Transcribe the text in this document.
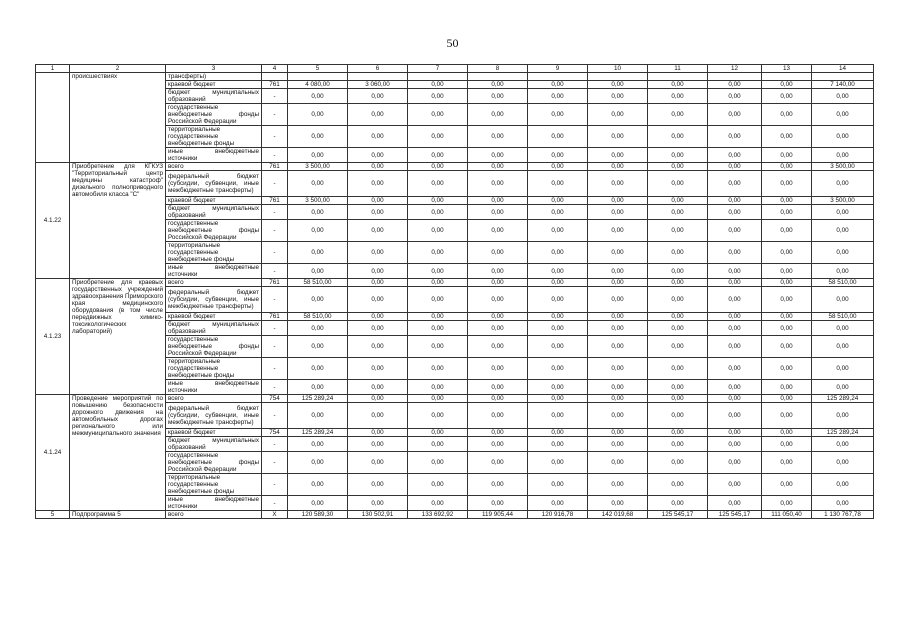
50
1	2	3	4	5	6	7	8	9	10	11	12	13	14
	происшествиях	трансферты)											
		краевой бюджет	761	4 080,00	3 060,00	0,00	0,00	0,00	0,00	0,00	0,00	0,00	7 140,00
		бюджет муниципальных образований	-	0,00	0,00	0,00	0,00	0,00	0,00	0,00	0,00	0,00	0,00
		государственные внебюджетные фонды Российской Федерации	-	0,00	0,00	0,00	0,00	0,00	0,00	0,00	0,00	0,00	0,00
		территориальные государственные внебюджетные фонды	-	0,00	0,00	0,00	0,00	0,00	0,00	0,00	0,00	0,00	0,00
		иные внебюджетные источники	-	0,00	0,00	0,00	0,00	0,00	0,00	0,00	0,00	0,00	0,00
4.1.22	Приобретение для КГКУЗ "Территориальный центр медицины катастроф" дизельного полноприводного автомобиля класса "С"	всего	761	3 500,00	0,00	0,00	0,00	0,00	0,00	0,00	0,00	0,00	3 500,00
		федеральный бюджет (субсидии, субвенции, иные межбюджетные трансферты)	-	0,00	0,00	0,00	0,00	0,00	0,00	0,00	0,00	0,00	0,00
		краевой бюджет	761	3 500,00	0,00	0,00	0,00	0,00	0,00	0,00	0,00	0,00	3 500,00
		бюджет муниципальных образований	-	0,00	0,00	0,00	0,00	0,00	0,00	0,00	0,00	0,00	0,00
		государственные внебюджетные фонды Российской Федерации	-	0,00	0,00	0,00	0,00	0,00	0,00	0,00	0,00	0,00	0,00
		территориальные государственные внебюджетные фонды	-	0,00	0,00	0,00	0,00	0,00	0,00	0,00	0,00	0,00	0,00
		иные внебюджетные источники	-	0,00	0,00	0,00	0,00	0,00	0,00	0,00	0,00	0,00	0,00
4.1.23	Приобретение для краевых государственных учреждений здравоохранения Приморского края медицинского оборудования (в том числе передвижных химико-токсикологических лабораторий)	всего	761	58 510,00	0,00	0,00	0,00	0,00	0,00	0,00	0,00	0,00	58 510,00
		федеральный бюджет (субсидии, субвенции, иные межбюджетные трансферты)	-	0,00	0,00	0,00	0,00	0,00	0,00	0,00	0,00	0,00	0,00
		краевой бюджет	761	58 510,00	0,00	0,00	0,00	0,00	0,00	0,00	0,00	0,00	58 510,00
		бюджет муниципальных образований	-	0,00	0,00	0,00	0,00	0,00	0,00	0,00	0,00	0,00	0,00
		государственные внебюджетные фонды Российской Федерации	-	0,00	0,00	0,00	0,00	0,00	0,00	0,00	0,00	0,00	0,00
		территориальные государственные внебюджетные фонды	-	0,00	0,00	0,00	0,00	0,00	0,00	0,00	0,00	0,00	0,00
		иные внебюджетные источники	-	0,00	0,00	0,00	0,00	0,00	0,00	0,00	0,00	0,00	0,00
4.1.24	Проведение мероприятий по повышению безопасности дорожного движения на автомобильных дорогах регионального или межмуниципального значения	всего	754	125 289,24	0,00	0,00	0,00	0,00	0,00	0,00	0,00	0,00	125 289,24
		федеральный бюджет (субсидии, субвенции, иные межбюджетные трансферты)	-	0,00	0,00	0,00	0,00	0,00	0,00	0,00	0,00	0,00	0,00
		краевой бюджет	754	125 289,24	0,00	0,00	0,00	0,00	0,00	0,00	0,00	0,00	125 289,24
		бюджет муниципальных образований	-	0,00	0,00	0,00	0,00	0,00	0,00	0,00	0,00	0,00	0,00
		государственные внебюджетные фонды Российской Федерации	-	0,00	0,00	0,00	0,00	0,00	0,00	0,00	0,00	0,00	0,00
		территориальные государственные внебюджетные фонды	-	0,00	0,00	0,00	0,00	0,00	0,00	0,00	0,00	0,00	0,00
		иные внебюджетные источники	-	0,00	0,00	0,00	0,00	0,00	0,00	0,00	0,00	0,00	0,00
5	Подпрограмма 5	всего	X	120 589,30	130 502,91	133 692,92	119 905,44	120 916,78	142 019,68	125 545,17	125 545,17	111 050,40	1 130 767,78
